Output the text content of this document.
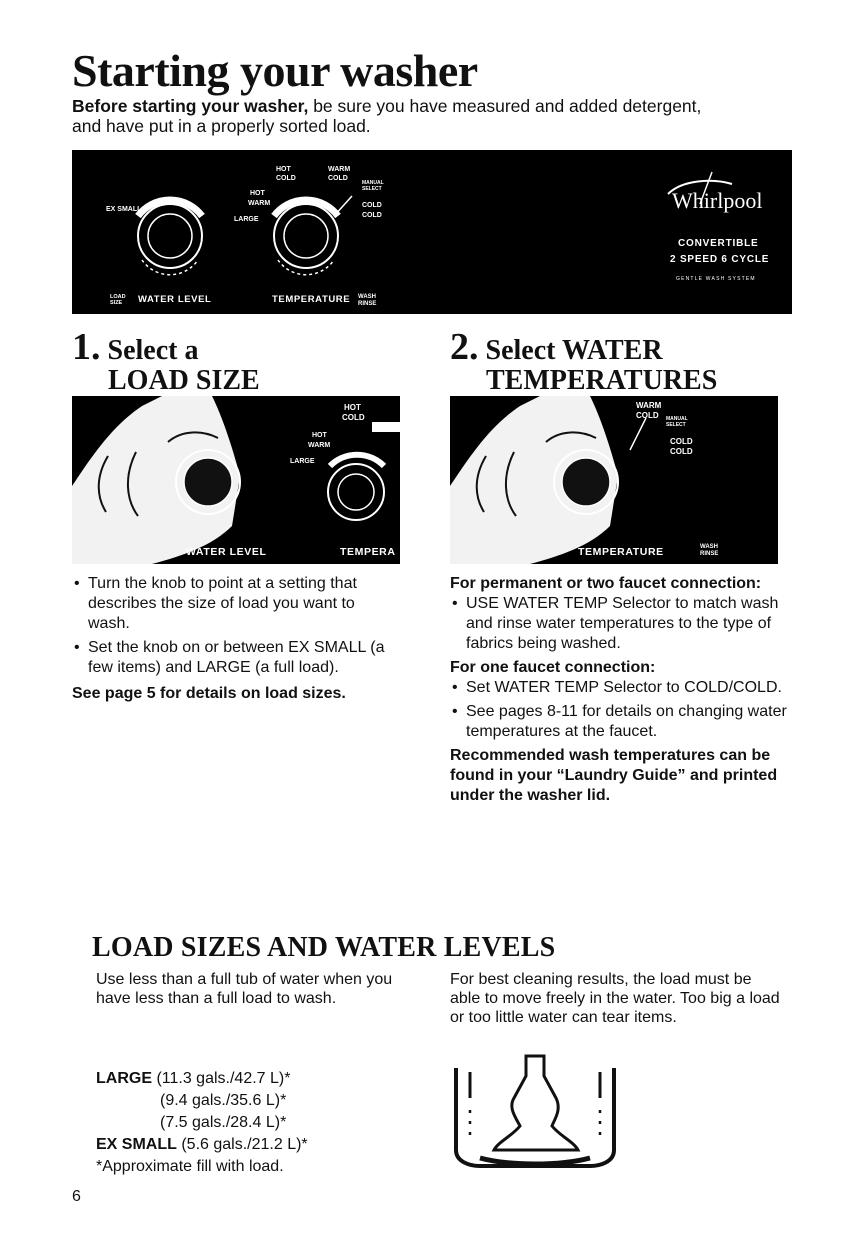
Starting your washer

Before starting your washer, be sure you have measured and added detergent, and have put in a properly sorted load.

EX SMALL
LARGE
HOT
WARM
HOT
COLD
WARM
COLD
MANUAL SELECT
COLD
COLD
LOAD SIZE	WATER LEVEL	TEMPERATURE WASH RINSE
Whirlpool
CONVERTIBLE
2 SPEED 6 CYCLE
GENTLE WASH SYSTEM
1. Select a
LOAD SIZE
2. Select WATER
TEMPERATURES
HOT
COLD
HOT
WARM
LARGE
WATER LEVEL	TEMPERA
WARM
COLD MANUAL SELECT
COLD
COLD
TEMPERATURE	WASH RINSE
• Turn the knob to point at a setting that describes the size of load you want to wash.
• Set the knob on or between EX SMALL (a few items) and LARGE (a full load).
See page 5 for details on load sizes.
For permanent or two faucet connection:
• USE WATER TEMP Selector to match wash and rinse water temperatures to the type of fabrics being washed.
For one faucet connection:
• Set WATER TEMP Selector to COLD/COLD.
• See pages 8-11 for details on changing water temperatures at the faucet.
Recommended wash temperatures can be found in your “Laundry Guide” and printed under the washer lid.
LOAD SIZES AND WATER LEVELS

Use less than a full tub of water when you have less than a full load to wash.

For best cleaning results, the load must be able to move freely in the water. Too big a load or too little water can tear items.

LARGE (11.3 gals./42.7 L)*
(9.4 gals./35.6 L)*
(7.5 gals./28.4 L)*
EX SMALL (5.6 gals./21.2 L)*
*Approximate fill with load.
6
